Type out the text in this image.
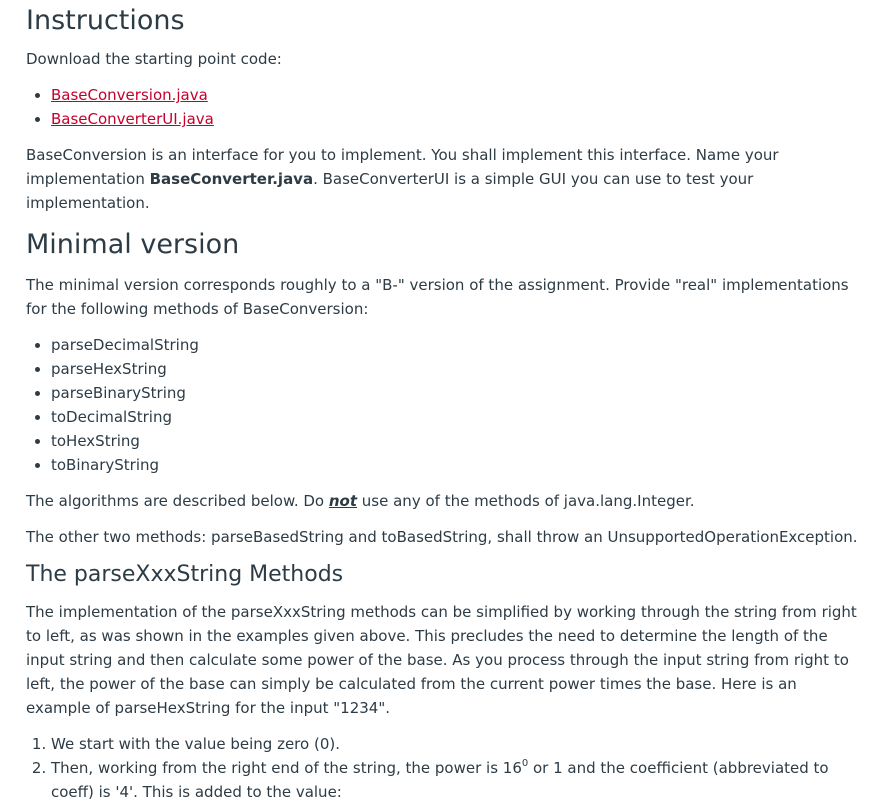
Instructions

Download the starting point code:

• BaseConversion.java
• BaseConverterUI.java

BaseConversion is an interface for you to implement. You shall implement this interface. Name your implementation BaseConverter.java. BaseConverterUI is a simple GUI you can use to test your implementation.

Minimal version

The minimal version corresponds roughly to a "B-" version of the assignment. Provide "real" implementations for the following methods of BaseConversion:

• parseDecimalString
• parseHexString
• parseBinaryString
• toDecimalString
• toHexString
• toBinaryString

The algorithms are described below. Do not use any of the methods of java.lang.Integer.

The other two methods: parseBasedString and toBasedString, shall throw an UnsupportedOperationException.

The parseXxxString Methods

The implementation of the parseXxxString methods can be simplified by working through the string from right to left, as was shown in the examples given above. This precludes the need to determine the length of the input string and then calculate some power of the base. As you process through the input string from right to left, the power of the base can simply be calculated from the current power times the base. Here is an example of parseHexString for the input "1234".

1. We start with the value being zero (0).
2. Then, working from the right end of the string, the power is $16^0$ or 1 and the coefficient (abbreviated to coeff) is '4'. This is added to the value:
